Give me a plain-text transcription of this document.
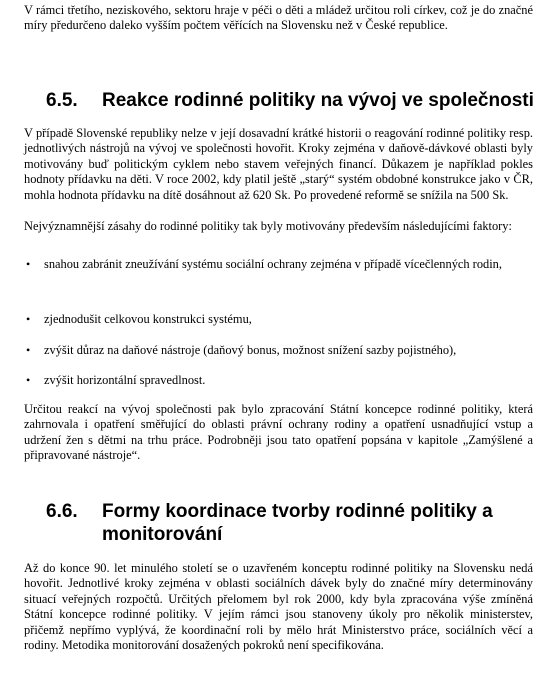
V rámci třetího, neziskového, sektoru hraje v péči o děti a mládež určitou roli církev, což je do značné míry předurčeno daleko vyšším počtem věřících na Slovensku než v České republice.

6.5. Reakce rodinné politiky na vývoj ve společnosti

V případě Slovenské republiky nelze v její dosavadní krátké historii o reagování rodinné politiky resp. jednotlivých nástrojů na vývoj ve společnosti hovořit. Kroky zejména v daňově-dávkové oblasti byly motivovány buď politickým cyklem nebo stavem veřejných financí. Důkazem je například pokles hodnoty přídavku na děti. V roce 2002, kdy platil ještě „starý“ systém obdobné konstrukce jako v ČR, mohla hodnota přídavku na dítě dosáhnout až 620 Sk. Po provedené reformě se snížila na 500 Sk.

Nejvýznamnější zásahy do rodinné politiky tak byly motivovány především následujícími faktory:

• snahou zabránit zneužívání systému sociální ochrany zejména v případě vícečlenných rodin,
• zjednodušit celkovou konstrukci systému,
• zvýšit důraz na daňové nástroje (daňový bonus, možnost snížení sazby pojistného),
• zvýšit horizontální spravedlnost.

Určitou reakcí na vývoj společnosti pak bylo zpracování Státní koncepce rodinné politiky, která zahrnovala i opatření směřující do oblasti právní ochrany rodiny a opatření usnadňující vstup a udržení žen s dětmi na trhu práce. Podrobněji jsou tato opatření popsána v kapitole „Zamýšlené a připravované nástroje“.

6.6. Formy koordinace tvorby rodinné politiky a
monitorování

Až do konce 90. let minulého století se o uzavřeném konceptu rodinné politiky na Slovensku nedá hovořit. Jednotlivé kroky zejména v oblasti sociálních dávek byly do značné míry determinovány situací veřejných rozpočtů. Určitých přelomem byl rok 2000, kdy byla zpracována výše zmíněná Státní koncepce rodinné politiky. V jejím rámci jsou stanoveny úkoly pro několik ministerstev, přičemž nepřímo vyplývá, že koordinační roli by mělo hrát Ministerstvo práce, sociálních věcí a rodiny. Metodika monitorování dosažených pokroků není specifikována.
